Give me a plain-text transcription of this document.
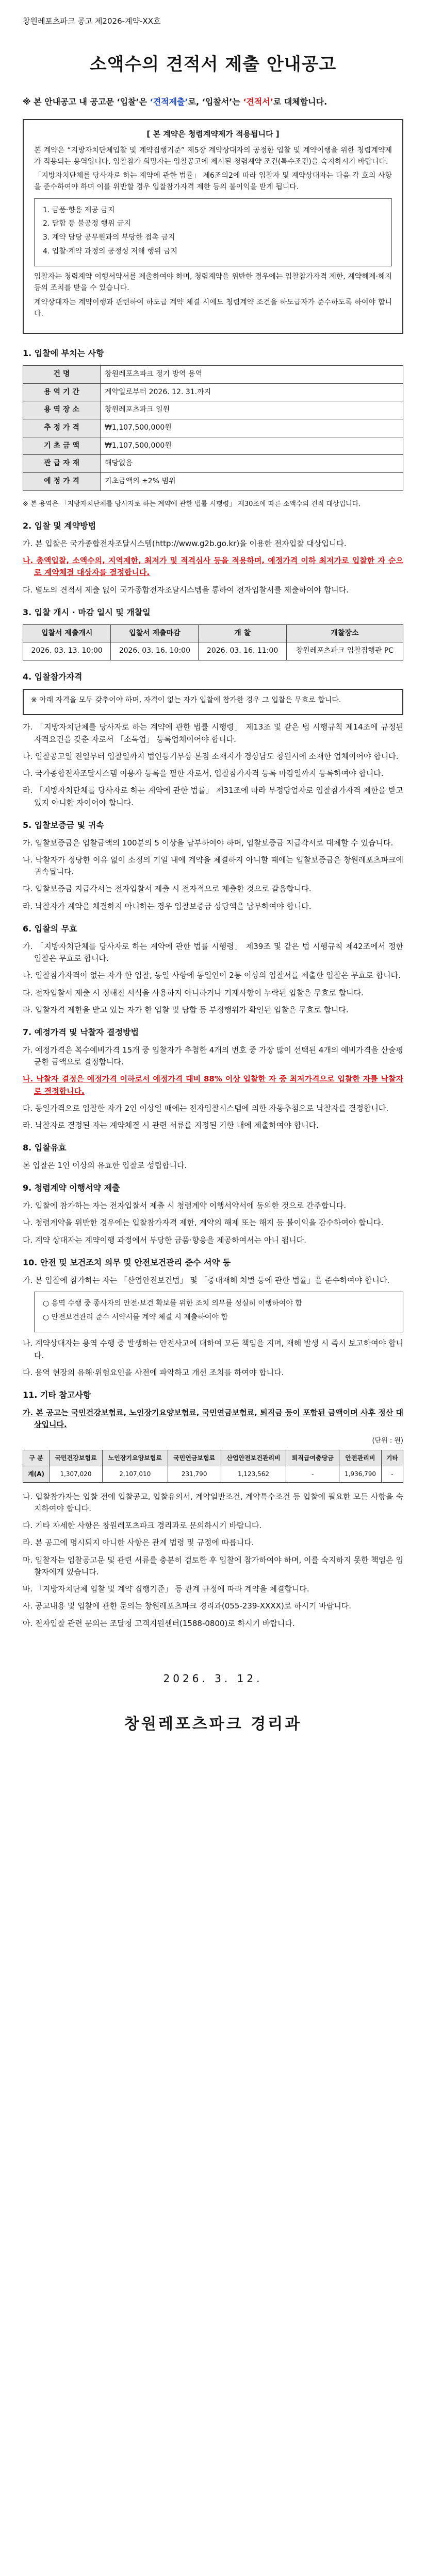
창원레포츠파크 공고 제2026-계약-XX호
소액수의 견적서 제출 안내공고
※ 본 안내공고 내 공고문 ‘입찰’은 ‘견적제출’로, ‘입찰서’는 ‘견적서’로 대체합니다.
[ 본 계약은 청렴계약제가 적용됩니다 ]

본 계약은 “지방자치단체입찰 및 계약집행기준” 제5장 계약상대자의 공정한 입찰 및 계약이행을 위한 청렴계약제가 적용되는 용역입니다. 입찰참가 희망자는 입찰공고에 제시된 청렴계약 조건(특수조건)을 숙지하시기 바랍니다.

「지방자치단체를 당사자로 하는 계약에 관한 법률」 제6조의2에 따라 입찰자 및 계약상대자는 다음 각 호의 사항을 준수하여야 하며 이를 위반할 경우 입찰참가자격 제한 등의 불이익을 받게 됩니다.

1. 금품·향응 제공 금지

2. 담합 등 불공정 행위 금지

3. 계약 담당 공무원과의 부당한 접촉 금지

4. 입찰·계약 과정의 공정성 저해 행위 금지

입찰자는 청렴계약 이행서약서를 제출하여야 하며, 청렴계약을 위반한 경우에는 입찰참가자격 제한, 계약해제·해지 등의 조치를 받을 수 있습니다.

계약상대자는 계약이행과 관련하여 하도급 계약 체결 시에도 청렴계약 조건을 하도급자가 준수하도록 하여야 합니다.

1. 입찰에 부치는 사항
건 명	창원레포츠파크 정기 방역 용역
용 역 기 간	계약일로부터 2026. 12. 31.까지
용 역 장 소	창원레포츠파크 일원
추 정 가 격	₩1,107,500,000원
기 초 금 액	₩1,107,500,000원
관 급 자 재	해당없음
예 정 가 격	기초금액의 ±2% 범위
※ 본 용역은 「지방자치단체를 당사자로 하는 계약에 관한 법률 시행령」 제30조에 따른 소액수의 견적 대상입니다.
2. 입찰 및 계약방법
가. 본 입찰은 국가종합전자조달시스템(http://www.g2b.go.kr)을 이용한 전자입찰 대상입니다.
나. 총액입찰, 소액수의, 지역제한, 최저가 및 적격심사 등을 적용하며, 예정가격 이하 최저가로 입찰한 자 순으로 계약체결 대상자를 결정합니다.
다. 별도의 견적서 제출 없이 국가종합전자조달시스템을 통하여 전자입찰서를 제출하여야 합니다.
3. 입찰 개시 · 마감 일시 및 개찰일
입찰서 제출개시	입찰서 제출마감	개 찰	개찰장소
2026. 03. 13. 10:00	2026. 03. 16. 10:00	2026. 03. 16. 11:00	창원레포츠파크 입찰집행관 PC
4. 입찰참가자격

※ 아래 자격을 모두 갖추어야 하며, 자격이 없는 자가 입찰에 참가한 경우 그 입찰은 무효로 합니다.

가. 「지방자치단체를 당사자로 하는 계약에 관한 법률 시행령」 제13조 및 같은 법 시행규칙 제14조에 규정된 자격요건을 갖춘 자로서 「소독업」 등록업체이어야 합니다.
나. 입찰공고일 전일부터 입찰일까지 법인등기부상 본점 소재지가 경상남도 창원시에 소재한 업체이어야 합니다.
다. 국가종합전자조달시스템 이용자 등록을 필한 자로서, 입찰참가자격 등록 마감일까지 등록하여야 합니다.
라. 「지방자치단체를 당사자로 하는 계약에 관한 법률」 제31조에 따라 부정당업자로 입찰참가자격 제한을 받고 있지 아니한 자이어야 합니다.
5. 입찰보증금 및 귀속
가. 입찰보증금은 입찰금액의 100분의 5 이상을 납부하여야 하며, 입찰보증금 지급각서로 대체할 수 있습니다.
나. 낙찰자가 정당한 이유 없이 소정의 기일 내에 계약을 체결하지 아니할 때에는 입찰보증금은 창원레포츠파크에 귀속됩니다.
다. 입찰보증금 지급각서는 전자입찰서 제출 시 전자적으로 제출한 것으로 갈음합니다.
라. 낙찰자가 계약을 체결하지 아니하는 경우 입찰보증금 상당액을 납부하여야 합니다.
6. 입찰의 무효
가. 「지방자치단체를 당사자로 하는 계약에 관한 법률 시행령」 제39조 및 같은 법 시행규칙 제42조에서 정한 입찰은 무효로 합니다.
나. 입찰참가자격이 없는 자가 한 입찰, 동일 사항에 동일인이 2통 이상의 입찰서를 제출한 입찰은 무효로 합니다.
다. 전자입찰서 제출 시 정해진 서식을 사용하지 아니하거나 기재사항이 누락된 입찰은 무효로 합니다.
라. 입찰자격 제한을 받고 있는 자가 한 입찰 및 담합 등 부정행위가 확인된 입찰은 무효로 합니다.
7. 예정가격 및 낙찰자 결정방법
가. 예정가격은 복수예비가격 15개 중 입찰자가 추첨한 4개의 번호 중 가장 많이 선택된 4개의 예비가격을 산술평균한 금액으로 결정합니다.
나. 낙찰자 결정은 예정가격 이하로서 예정가격 대비 88% 이상 입찰한 자 중 최저가격으로 입찰한 자를 낙찰자로 결정합니다.
다. 동일가격으로 입찰한 자가 2인 이상일 때에는 전자입찰시스템에 의한 자동추첨으로 낙찰자를 결정합니다.
라. 낙찰자로 결정된 자는 계약체결 시 관련 서류를 지정된 기한 내에 제출하여야 합니다.
8. 입찰유효
본 입찰은 1인 이상의 유효한 입찰로 성립합니다.
9. 청렴계약 이행서약 제출
가. 입찰에 참가하는 자는 전자입찰서 제출 시 청렴계약 이행서약서에 동의한 것으로 간주합니다.
나. 청렴계약을 위반한 경우에는 입찰참가자격 제한, 계약의 해제 또는 해지 등 불이익을 감수하여야 합니다.
다. 계약 상대자는 계약이행 과정에서 부당한 금품·향응을 제공하여서는 아니 됩니다.
10. 안전 및 보건조치 의무 및 안전보건관리 준수 서약 등
가. 본 입찰에 참가하는 자는 「산업안전보건법」 및 「중대재해 처벌 등에 관한 법률」을 준수하여야 합니다.

○ 용역 수행 중 종사자의 안전·보건 확보를 위한 조치 의무를 성실히 이행하여야 함

○ 안전보건관리 준수 서약서를 계약 체결 시 제출하여야 함

나. 계약상대자는 용역 수행 중 발생하는 안전사고에 대하여 모든 책임을 지며, 재해 발생 시 즉시 보고하여야 합니다.
다. 용역 현장의 유해·위험요인을 사전에 파악하고 개선 조치를 하여야 합니다.
11. 기타 참고사항
가. 본 공고는 국민건강보험료, 노인장기요양보험료, 국민연금보험료, 퇴직금 등이 포함된 금액이며 사후 정산 대상입니다.
(단위 : 원)
구 분	국민건강보험료	노인장기요양보험료	국민연금보험료	산업안전보건관리비	퇴직급여충당금	안전관리비	기타
계(A)	1,307,020	2,107,010	231,790	1,123,562	-	1,936,790	-
나. 입찰참가자는 입찰 전에 입찰공고, 입찰유의서, 계약일반조건, 계약특수조건 등 입찰에 필요한 모든 사항을 숙지하여야 합니다.
다. 기타 자세한 사항은 창원레포츠파크 경리과로 문의하시기 바랍니다.
라. 본 공고에 명시되지 아니한 사항은 관계 법령 및 규정에 따릅니다.
마. 입찰자는 입찰공고문 및 관련 서류를 충분히 검토한 후 입찰에 참가하여야 하며, 이를 숙지하지 못한 책임은 입찰자에게 있습니다.
바. 「지방자치단체 입찰 및 계약 집행기준」 등 관계 규정에 따라 계약을 체결합니다.
사. 공고내용 및 입찰에 관한 문의는 창원레포츠파크 경리과(055-239-XXXX)로 하시기 바랍니다.
아. 전자입찰 관련 문의는 조달청 고객지원센터(1588-0800)로 하시기 바랍니다.
2026. 3. 12.
창원레포츠파크 경리과
